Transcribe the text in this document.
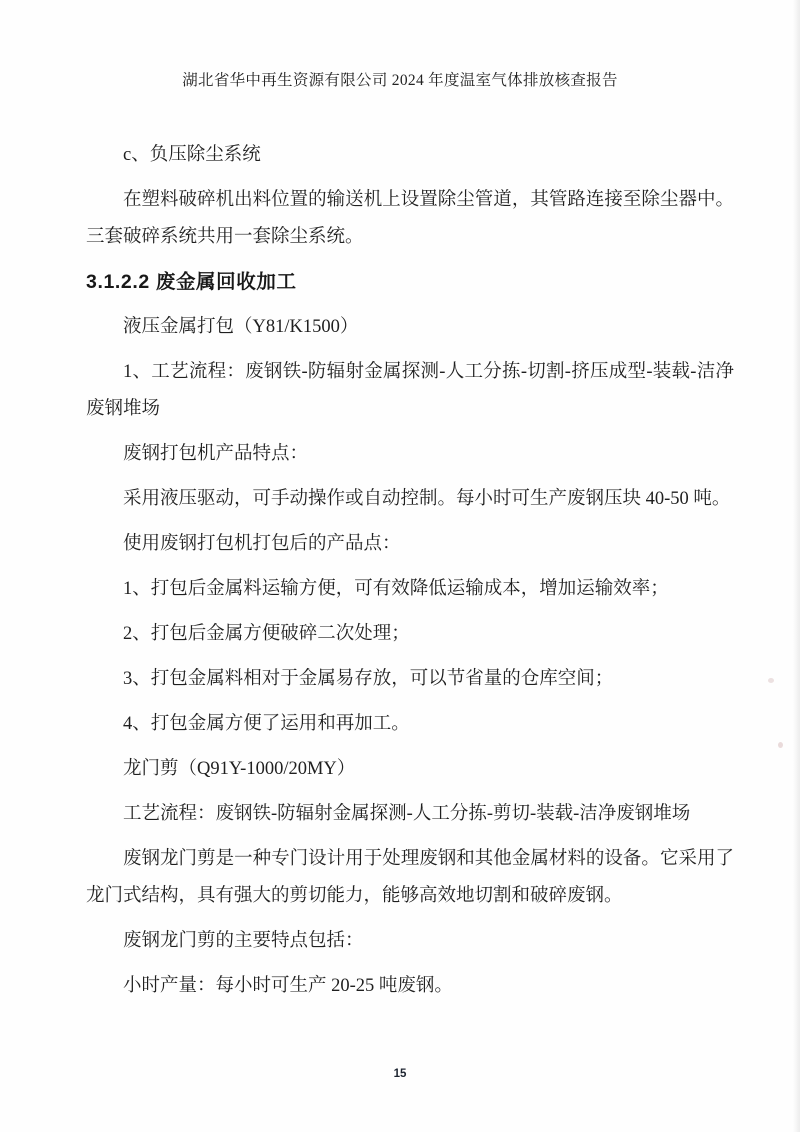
湖北省华中再生资源有限公司 2024 年度温室气体排放核查报告

c、负压除尘系统

在塑料破碎机出料位置的输送机上设置除尘管道，其管路连接至除尘器中。三套破碎系统共用一套除尘系统。

3.1.2.2 废金属回收加工

液压金属打包（Y81/K1500）

1、工艺流程：废钢铁-防辐射金属探测-人工分拣-切割-挤压成型-装载-洁净废钢堆场

废钢打包机产品特点：

采用液压驱动，可手动操作或自动控制。每小时可生产废钢压块 40-50 吨。

使用废钢打包机打包后的产品点：

1、打包后金属料运输方便，可有效降低运输成本，增加运输效率；

2、打包后金属方便破碎二次处理；

3、打包金属料相对于金属易存放，可以节省量的仓库空间；

4、打包金属方便了运用和再加工。

龙门剪（Q91Y-1000/20MY）

工艺流程：废钢铁-防辐射金属探测-人工分拣-剪切-装载-洁净废钢堆场

废钢龙门剪是一种专门设计用于处理废钢和其他金属材料的设备。它采用了龙门式结构，具有强大的剪切能力，能够高效地切割和破碎废钢。

废钢龙门剪的主要特点包括：

小时产量：每小时可生产 20-25 吨废钢。

15
